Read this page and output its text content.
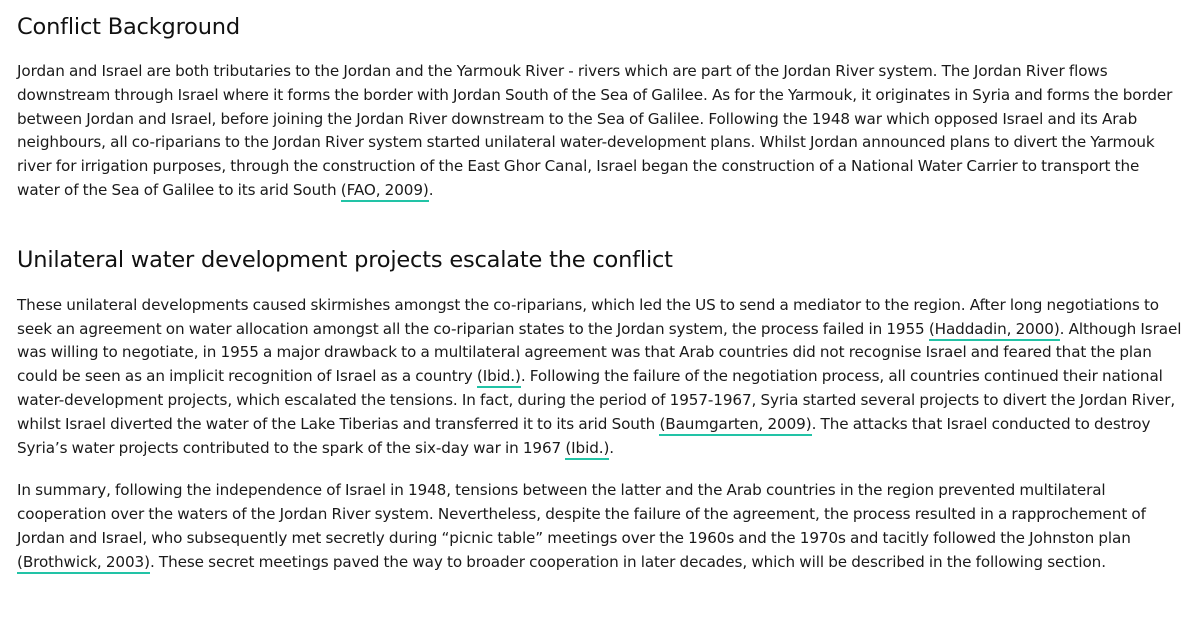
Conflict Background

Jordan and Israel are both tributaries to the Jordan and the Yarmouk River - rivers which are part of the Jordan River system. The Jordan River flows downstream through Israel where it forms the border with Jordan South of the Sea of Galilee. As for the Yarmouk, it originates in Syria and forms the border between Jordan and Israel, before joining the Jordan River downstream to the Sea of Galilee. Following the 1948 war which opposed Israel and its Arab neighbours, all co-riparians to the Jordan River system started unilateral water-development plans. Whilst Jordan announced plans to divert the Yarmouk river for irrigation purposes, through the construction of the East Ghor Canal, Israel began the construction of a National Water Carrier to transport the water of the Sea of Galilee to its arid South (FAO, 2009).

Unilateral water development projects escalate the conflict

These unilateral developments caused skirmishes amongst the co-riparians, which led the US to send a mediator to the region. After long negotiations to seek an agreement on water allocation amongst all the co-riparian states to the Jordan system, the process failed in 1955 (Haddadin, 2000). Although Israel was willing to negotiate, in 1955 a major drawback to a multilateral agreement was that Arab countries did not recognise Israel and feared that the plan could be seen as an implicit recognition of Israel as a country (Ibid.). Following the failure of the negotiation process, all countries continued their national water-development projects, which escalated the tensions. In fact, during the period of 1957-1967, Syria started several projects to divert the Jordan River, whilst Israel diverted the water of the Lake Tiberias and transferred it to its arid South (Baumgarten, 2009). The attacks that Israel conducted to destroy Syria’s water projects contributed to the spark of the six-day war in 1967 (Ibid.).

In summary, following the independence of Israel in 1948, tensions between the latter and the Arab countries in the region prevented multilateral cooperation over the waters of the Jordan River system. Nevertheless, despite the failure of the agreement, the process resulted in a rapprochement of Jordan and Israel, who subsequently met secretly during “picnic table” meetings over the 1960s and the 1970s and tacitly followed the Johnston plan (Brothwick, 2003). These secret meetings paved the way to broader cooperation in later decades, which will be described in the following section.
